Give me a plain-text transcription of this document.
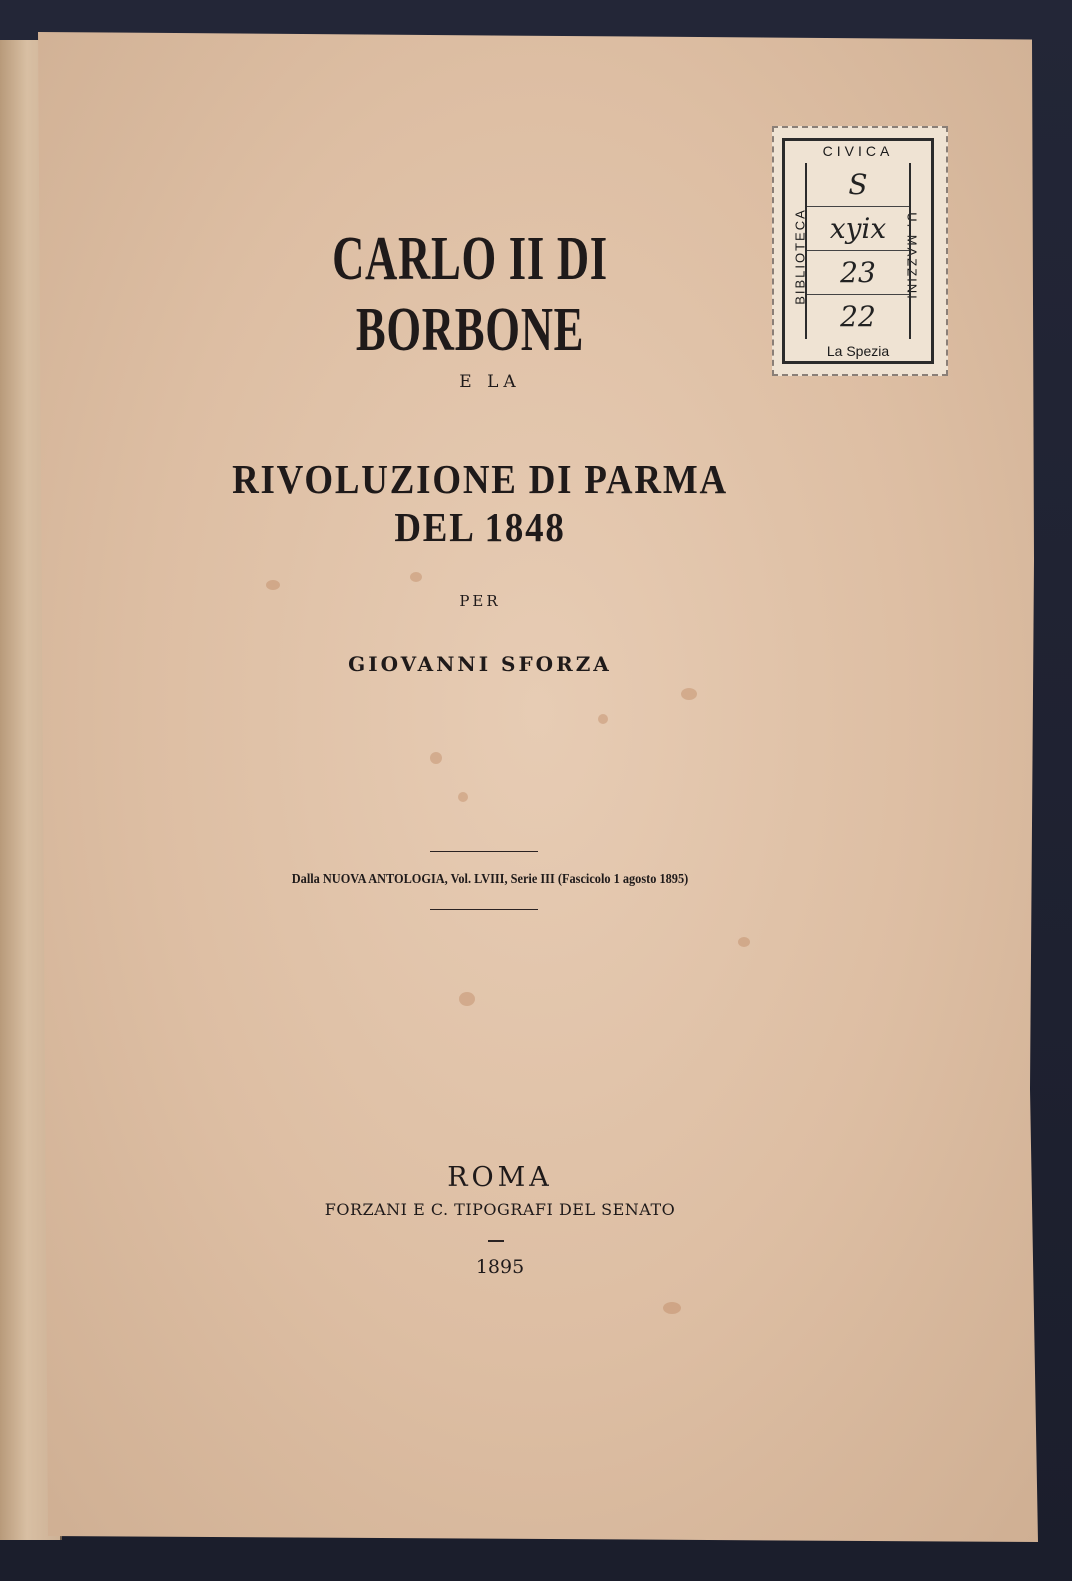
CARLO II DI BORBONE
E LA
RIVOLUZIONE DI PARMA DEL 1848
PER
GIOVANNI SFORZA
Dalla NUOVA ANTOLOGIA, Vol. LVIII, Serie III (Fascicolo 1 agosto 1895)
ROMA
FORZANI E C. TIPOGRAFI DEL SENATO
1895
CIVICA
BIBLIOTECA	U. MAZZINI
S
xyix
23
22
La Spezia
